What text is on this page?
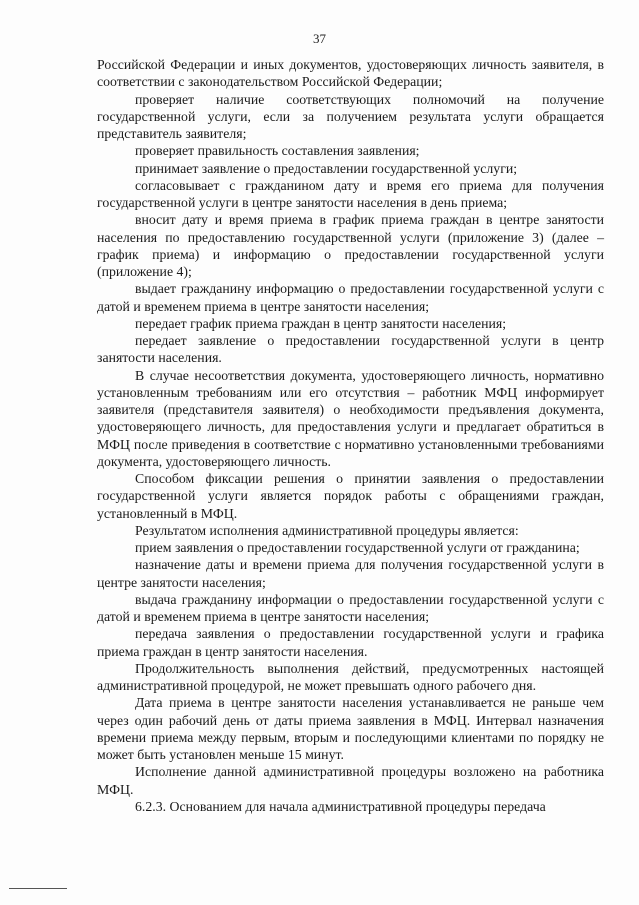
37

Российской Федерации и иных документов, удостоверяющих личность заявителя, в соответствии с законодательством Российской Федерации;

проверяет наличие соответствующих полномочий на получение государственной услуги, если за получением результата услуги обращается представитель заявителя;

проверяет правильность составления заявления;

принимает заявление о предоставлении государственной услуги;

согласовывает с гражданином дату и время его приема для получения государственной услуги в центре занятости населения в день приема;

вносит дату и время приема в график приема граждан в центре занятости населения по предоставлению государственной услуги (приложение 3) (далее – график приема) и информацию о предоставлении государственной услуги (приложение 4);

выдает гражданину информацию о предоставлении государственной услуги с датой и временем приема в центре занятости населения;

передает график приема граждан в центр занятости населения;

передает заявление о предоставлении государственной услуги в центр занятости населения.

В случае несоответствия документа, удостоверяющего личность, нормативно установленным требованиям или его отсутствия – работник МФЦ информирует заявителя (представителя заявителя) о необходимости предъявления документа, удостоверяющего личность, для предоставления услуги и предлагает обратиться в МФЦ после приведения в соответствие с нормативно установленными требованиями документа, удостоверяющего личность.

Способом фиксации решения о принятии заявления о предоставлении государственной услуги является порядок работы с обращениями граждан, установленный в МФЦ.

Результатом исполнения административной процедуры является:

прием заявления о предоставлении государственной услуги от гражданина;

назначение даты и времени приема для получения государственной услуги в центре занятости населения;

выдача гражданину информации о предоставлении государственной услуги с датой и временем приема в центре занятости населения;

передача заявления о предоставлении государственной услуги и графика приема граждан в центр занятости населения.

Продолжительность выполнения действий, предусмотренных настоящей административной процедурой, не может превышать одного рабочего дня.

Дата приема в центре занятости населения устанавливается не раньше чем через один рабочий день от даты приема заявления в МФЦ. Интервал назначения времени приема между первым, вторым и последующими клиентами по порядку не может быть установлен меньше 15 минут.

Исполнение данной административной процедуры возложено на работника МФЦ.

6.2.3. Основанием для начала административной процедуры передача
